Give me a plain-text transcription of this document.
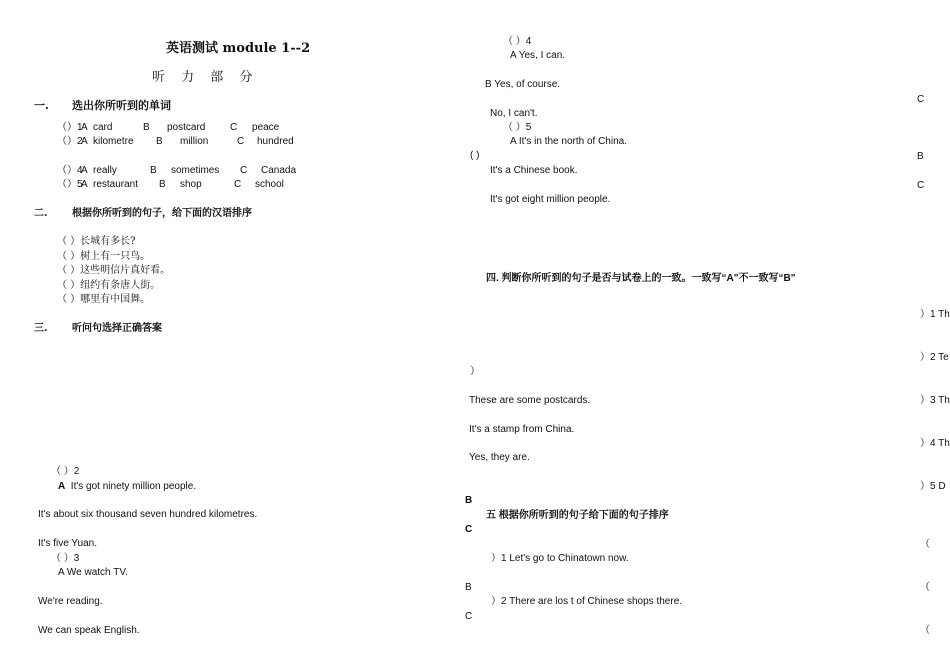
英语测试 module 1--2
听 力 部 分
一. 选出你所听到的单词
（）1A card	B postcard C peace
（）2A kilometre B million	C hundred
（）4A really	B sometimes C Canada
（）5A restaurant B shop	C school
二. 根据你所听到的句子，给下面的汉语排序
（ ）长城有多长?
（ ）树上有一只鸟。
（ ）这些明信片真好看。
（ ）纽约有条唐人街。
（ ）哪里有中国舞。
三. 听问句选择正确答案
（ ）2
A It's got ninety million people.
It's about six thousand seven hundred kilometres.
It's five Yuan.
（ ）3
A We watch TV.
We're reading.
We can speak English.
（ ）4
A Yes, I can.
B Yes, of course.
No, I can't.
（ ）5
A It's in the north of China.
( )
It's a Chinese book.
It's got eight million people.
四. 判断你所听到的句子是否与试卷上的一致。一致写“A"不一致写“B"
）
These are some postcards.
It's a stamp from China.
Yes, they are.
B
五 根据你所听到的句子给下面的句子排序
C
）1 Let's go to Chinatown now.
B
）2 There are los t of Chinese shops there.
C
C
B
C
）1 Th
）2 Te
）3 Th
）4 Th
）5 D
（
（
（
